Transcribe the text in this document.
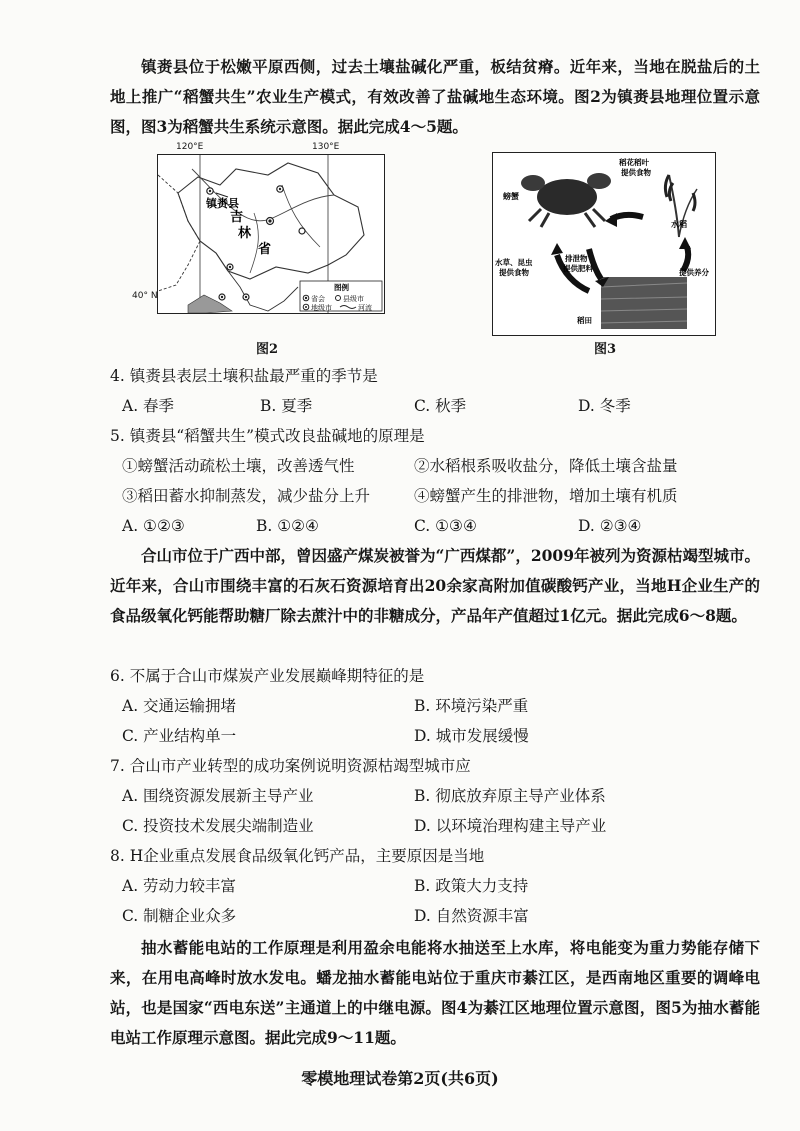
镇赉县位于松嫩平原西侧，过去土壤盐碱化严重，板结贫瘠。近年来，当地在脱盐后的土地上推广“稻蟹共生”农业生产模式，有效改善了盐碱地生态环境。图2为镇赉县地理位置示意图，图3为稻蟹共生系统示意图。据此完成4～5题。

镇赉县
吉
林
省
图例
省会	县级市
地级市	河流
120°E	130°E
40° N
图2
螃蟹
稻花稻叶
提供食物
水稻
水草、昆虫
提供食物
排泄物
提供肥料	提供养分
稻田
图3
4. 镇赉县表层土壤积盐最严重的季节是
A. 春季	B. 夏季	C. 秋季	D. 冬季
5. 镇赉县“稻蟹共生”模式改良盐碱地的原理是
①螃蟹活动疏松土壤，改善透气性	②水稻根系吸收盐分，降低土壤含盐量
③稻田蓄水抑制蒸发，减少盐分上升	④螃蟹产生的排泄物，增加土壤有机质
A. ①②③	B. ①②④	C. ①③④	D. ②③④

合山市位于广西中部，曾因盛产煤炭被誉为“广西煤都”，2009年被列为资源枯竭型城市。近年来，合山市围绕丰富的石灰石资源培育出20余家高附加值碳酸钙产业，当地H企业生产的食品级氧化钙能帮助糖厂除去蔗汁中的非糖成分，产品年产值超过1亿元。据此完成6～8题。

6. 不属于合山市煤炭产业发展巅峰期特征的是
A. 交通运输拥堵	B. 环境污染严重
C. 产业结构单一	D. 城市发展缓慢
7. 合山市产业转型的成功案例说明资源枯竭型城市应
A. 围绕资源发展新主导产业	B. 彻底放弃原主导产业体系
C. 投资技术发展尖端制造业	D. 以环境治理构建主导产业
8. H企业重点发展食品级氧化钙产品，主要原因是当地
A. 劳动力较丰富	B. 政策大力支持
C. 制糖企业众多	D. 自然资源丰富

抽水蓄能电站的工作原理是利用盈余电能将水抽送至上水库，将电能变为重力势能存储下来，在用电高峰时放水发电。蟠龙抽水蓄能电站位于重庆市綦江区，是西南地区重要的调峰电站，也是国家“西电东送”主通道上的中继电源。图4为綦江区地理位置示意图，图5为抽水蓄能电站工作原理示意图。据此完成9～11题。

零模地理试卷第2页(共6页)
